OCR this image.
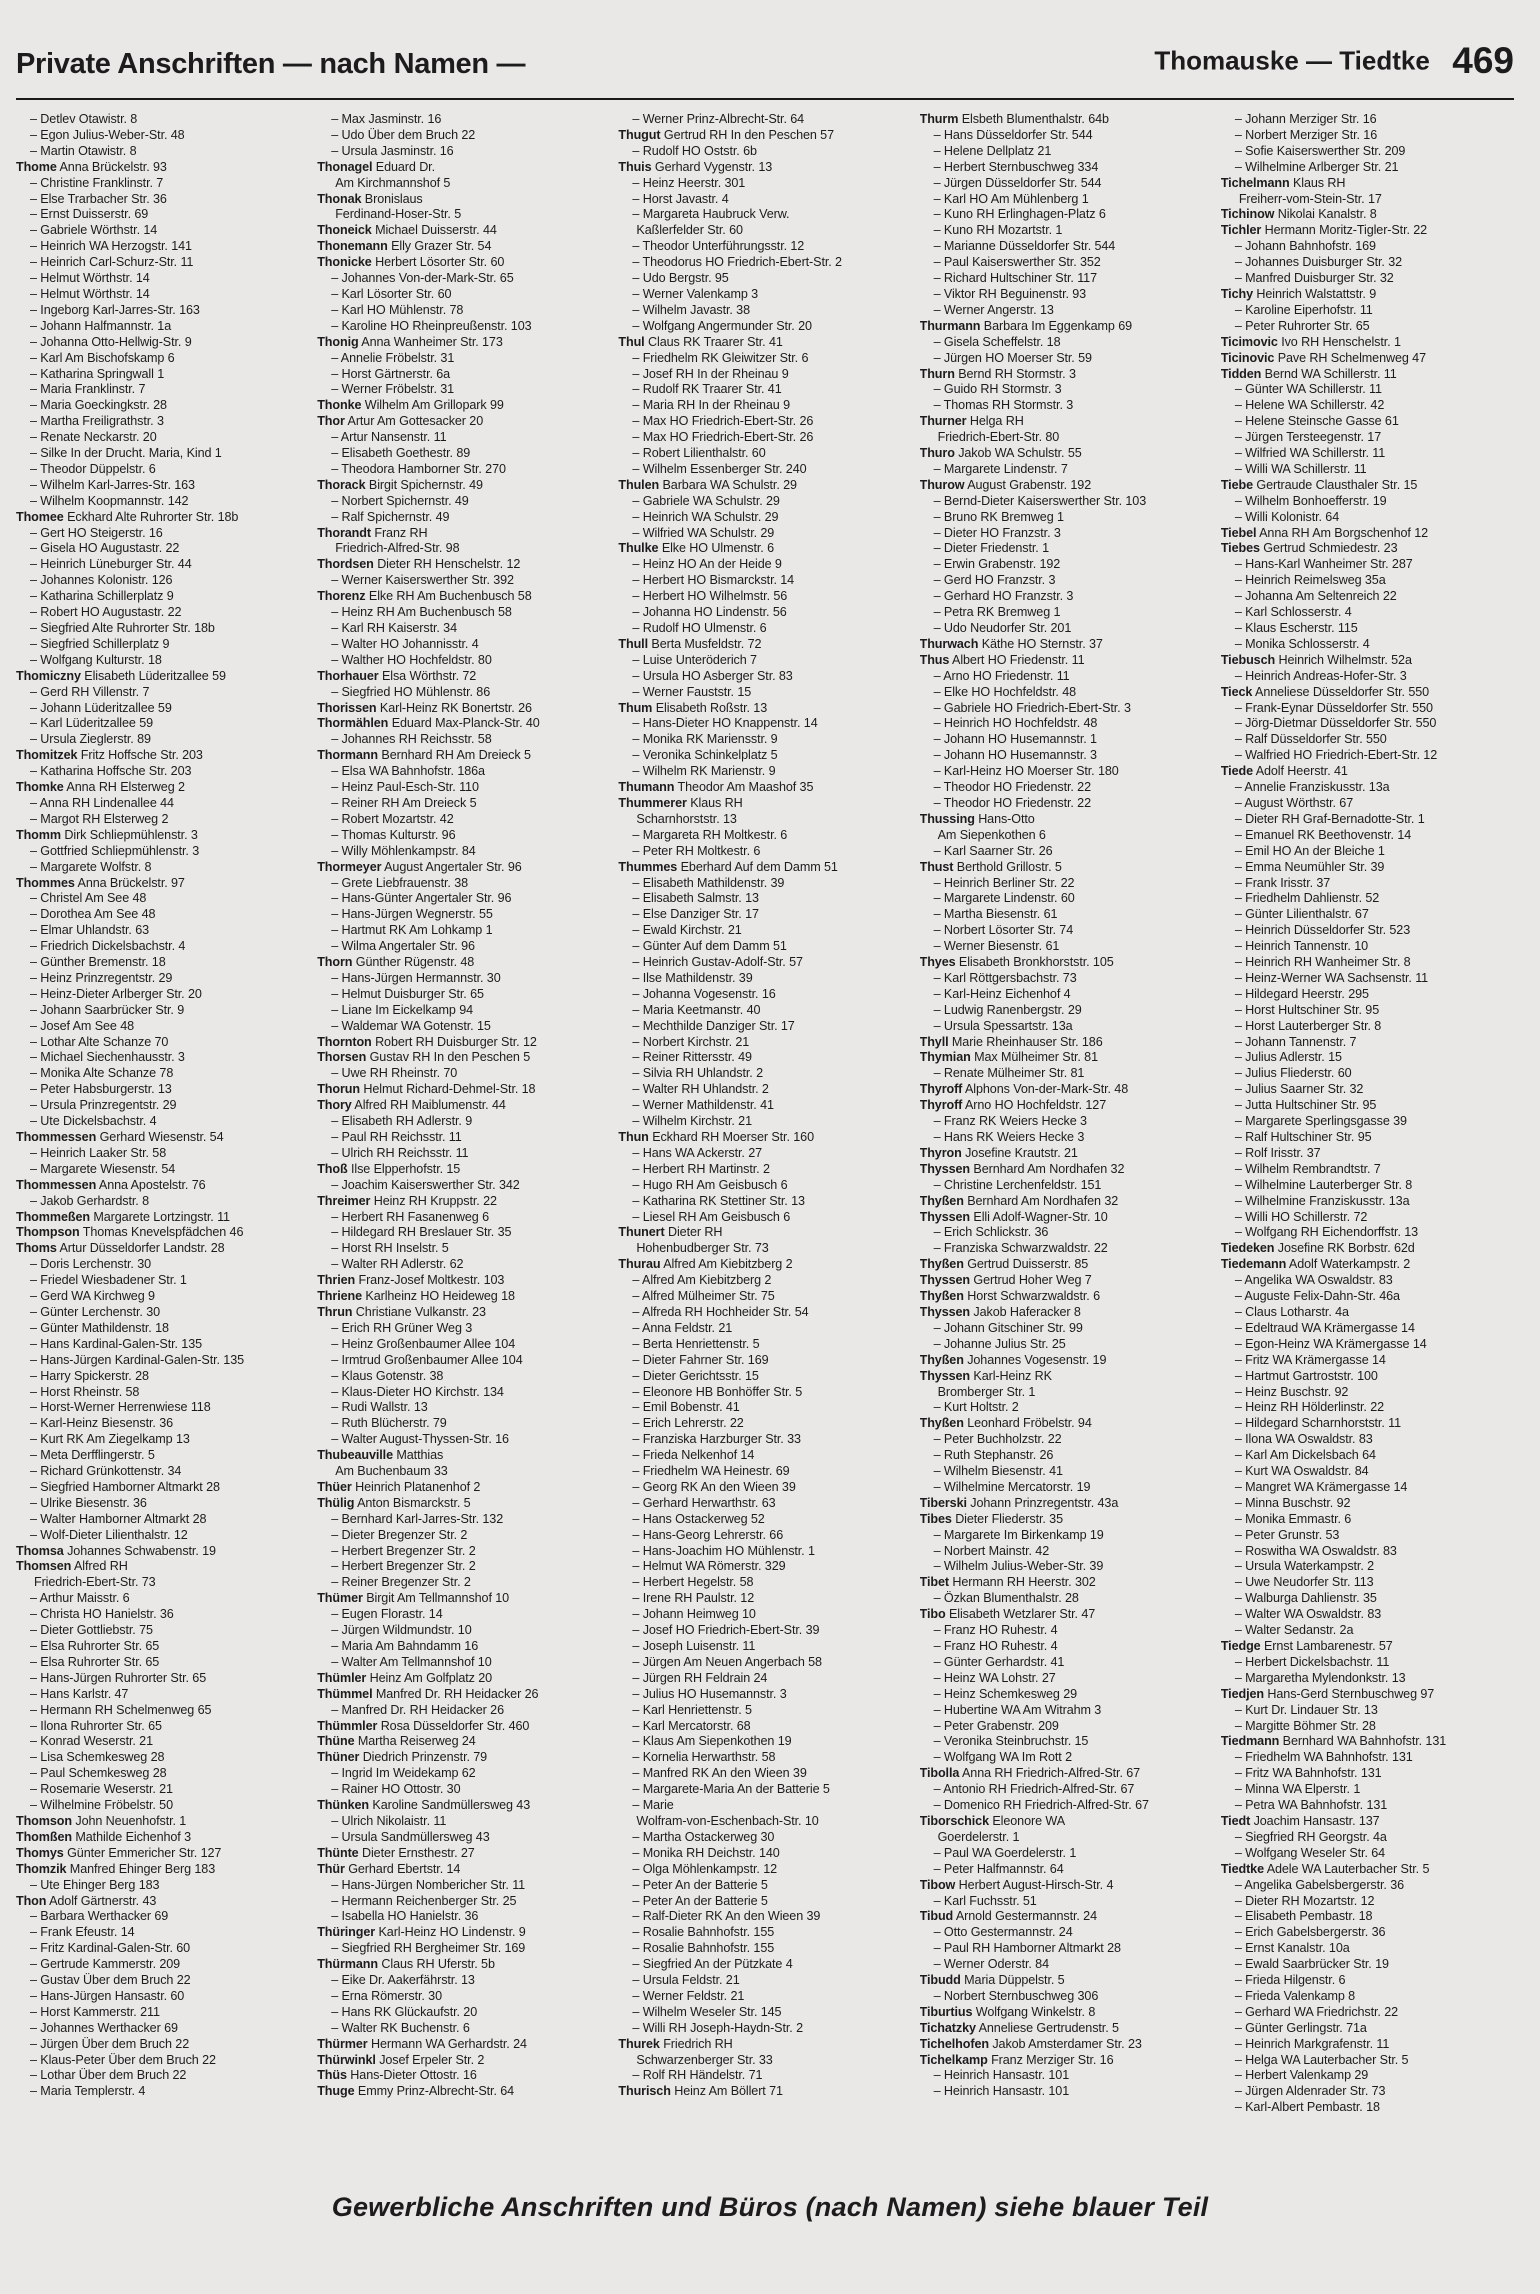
Private Anschriften — nach Namen —	Thomauske — Tiedtke 469
– Detlev Otawistr. 8
– Egon Julius-Weber-Str. 48
– Martin Otawistr. 8
Thome Anna Brückelstr. 93
– Christine Franklinstr. 7
– Else Trarbacher Str. 36
– Ernst Duisserstr. 69
– Gabriele Wörthstr. 14
– Heinrich WA Herzogstr. 141
– Heinrich Carl-Schurz-Str. 11
– Helmut Wörthstr. 14
– Helmut Wörthstr. 14
– Ingeborg Karl-Jarres-Str. 163
– Johann Halfmannstr. 1a
– Johanna Otto-Hellwig-Str. 9
– Karl Am Bischofskamp 6
– Katharina Springwall 1
– Maria Franklinstr. 7
– Maria Goeckingkstr. 28
– Martha Freiligrathstr. 3
– Renate Neckarstr. 20
– Silke In der Drucht. Maria, Kind 1
– Theodor Düppelstr. 6
– Wilhelm Karl-Jarres-Str. 163
– Wilhelm Koopmannstr. 142
Thomee Eckhard Alte Ruhrorter Str. 18b
– Gert HO Steigerstr. 16
– Gisela HO Augustastr. 22
– Heinrich Lüneburger Str. 44
– Johannes Kolonistr. 126
– Katharina Schillerplatz 9
– Robert HO Augustastr. 22
– Siegfried Alte Ruhrorter Str. 18b
– Siegfried Schillerplatz 9
– Wolfgang Kulturstr. 18
Thomiczny Elisabeth Lüderitzallee 59
– Gerd RH Villenstr. 7
– Johann Lüderitzallee 59
– Karl Lüderitzallee 59
– Ursula Zieglerstr. 89
Thomitzek Fritz Hoffsche Str. 203
– Katharina Hoffsche Str. 203
Thomke Anna RH Elsterweg 2
– Anna RH Lindenallee 44
– Margot RH Elsterweg 2
Thomm Dirk Schliepmühlenstr. 3
– Gottfried Schliepmühlenstr. 3
– Margarete Wolfstr. 8
Thommes Anna Brückelstr. 97
– Christel Am See 48
– Dorothea Am See 48
– Elmar Uhlandstr. 63
– Friedrich Dickelsbachstr. 4
– Günther Bremenstr. 18
– Heinz Prinzregentstr. 29
– Heinz-Dieter Arlberger Str. 20
– Johann Saarbrücker Str. 9
– Josef Am See 48
– Lothar Alte Schanze 70
– Michael Siechenhausstr. 3
– Monika Alte Schanze 78
– Peter Habsburgerstr. 13
– Ursula Prinzregentstr. 29
– Ute Dickelsbachstr. 4
Thommessen Gerhard Wiesenstr. 54
– Heinrich Laaker Str. 58
– Margarete Wiesenstr. 54
Thommessen Anna Apostelstr. 76
– Jakob Gerhardstr. 8
Thommeßen Margarete Lortzingstr. 11
Thompson Thomas Knevelspfädchen 46
Thoms Artur Düsseldorfer Landstr. 28
– Doris Lerchenstr. 30
– Friedel Wiesbadener Str. 1
– Gerd WA Kirchweg 9
– Günter Lerchenstr. 30
– Günter Mathildenstr. 18
– Hans Kardinal-Galen-Str. 135
– Hans-Jürgen Kardinal-Galen-Str. 135
– Harry Spickerstr. 28
– Horst Rheinstr. 58
– Horst-Werner Herrenwiese 118
– Karl-Heinz Biesenstr. 36
– Kurt RK Am Ziegelkamp 13
– Meta Derfflingerstr. 5
– Richard Grünkottenstr. 34
– Siegfried Hamborner Altmarkt 28
– Ulrike Biesenstr. 36
– Walter Hamborner Altmarkt 28
– Wolf-Dieter Lilienthalstr. 12
Thomsa Johannes Schwabenstr. 19
Thomsen Alfred RH
Friedrich-Ebert-Str. 73
– Arthur Maisstr. 6
– Christa HO Hanielstr. 36
– Dieter Gottliebstr. 75
– Elsa Ruhrorter Str. 65
– Elsa Ruhrorter Str. 65
– Hans-Jürgen Ruhrorter Str. 65
– Hans Karlstr. 47
– Hermann RH Schelmenweg 65
– Ilona Ruhrorter Str. 65
– Konrad Weserstr. 21
– Lisa Schemkesweg 28
– Paul Schemkesweg 28
– Rosemarie Weserstr. 21
– Wilhelmine Fröbelstr. 50
Thomson John Neuenhofstr. 1
Thomßen Mathilde Eichenhof 3
Thomys Günter Emmericher Str. 127
Thomzik Manfred Ehinger Berg 183
– Ute Ehinger Berg 183
Thon Adolf Gärtnerstr. 43
– Barbara Werthacker 69
– Frank Efeustr. 14
– Fritz Kardinal-Galen-Str. 60
– Gertrude Kammerstr. 209
– Gustav Über dem Bruch 22
– Hans-Jürgen Hansastr. 60
– Horst Kammerstr. 211
– Johannes Werthacker 69
– Jürgen Über dem Bruch 22
– Klaus-Peter Über dem Bruch 22
– Lothar Über dem Bruch 22
– Maria Templerstr. 4
– Max Jasminstr. 16
– Udo Über dem Bruch 22
– Ursula Jasminstr. 16
Thonagel Eduard Dr.
Am Kirchmannshof 5
Thonak Bronislaus
Ferdinand-Hoser-Str. 5
Thoneick Michael Duisserstr. 44
Thonemann Elly Grazer Str. 54
Thonicke Herbert Lösorter Str. 60
– Johannes Von-der-Mark-Str. 65
– Karl Lösorter Str. 60
– Karl HO Mühlenstr. 78
– Karoline HO Rheinpreußenstr. 103
Thonig Anna Wanheimer Str. 173
– Annelie Fröbelstr. 31
– Horst Gärtnerstr. 6a
– Werner Fröbelstr. 31
Thonke Wilhelm Am Grillopark 99
Thor Artur Am Gottesacker 20
– Artur Nansenstr. 11
– Elisabeth Goethestr. 89
– Theodora Hamborner Str. 270
Thorack Birgit Spichernstr. 49
– Norbert Spichernstr. 49
– Ralf Spichernstr. 49
Thorandt Franz RH
Friedrich-Alfred-Str. 98
Thordsen Dieter RH Henschelstr. 12
– Werner Kaiserswerther Str. 392
Thorenz Elke RH Am Buchenbusch 58
– Heinz RH Am Buchenbusch 58
– Karl RH Kaiserstr. 34
– Walter HO Johannisstr. 4
– Walther HO Hochfeldstr. 80
Thorhauer Elsa Wörthstr. 72
– Siegfried HO Mühlenstr. 86
Thorissen Karl-Heinz RK Bonertstr. 26
Thormählen Eduard Max-Planck-Str. 40
– Johannes RH Reichsstr. 58
Thormann Bernhard RH Am Dreieck 5
– Elsa WA Bahnhofstr. 186a
– Heinz Paul-Esch-Str. 110
– Reiner RH Am Dreieck 5
– Robert Mozartstr. 42
– Thomas Kulturstr. 96
– Willy Möhlenkampstr. 84
Thormeyer August Angertaler Str. 96
– Grete Liebfrauenstr. 38
– Hans-Günter Angertaler Str. 96
– Hans-Jürgen Wegnerstr. 55
– Hartmut RK Am Lohkamp 1
– Wilma Angertaler Str. 96
Thorn Günther Rügenstr. 48
– Hans-Jürgen Hermannstr. 30
– Helmut Duisburger Str. 65
– Liane Im Eickelkamp 94
– Waldemar WA Gotenstr. 15
Thornton Robert RH Duisburger Str. 12
Thorsen Gustav RH In den Peschen 5
– Uwe RH Rheinstr. 70
Thorun Helmut Richard-Dehmel-Str. 18
Thory Alfred RH Maiblumenstr. 44
– Elisabeth RH Adlerstr. 9
– Paul RH Reichsstr. 11
– Ulrich RH Reichsstr. 11
Thoß Ilse Elpperhofstr. 15
– Joachim Kaiserswerther Str. 342
Threimer Heinz RH Kruppstr. 22
– Herbert RH Fasanenweg 6
– Hildegard RH Breslauer Str. 35
– Horst RH Inselstr. 5
– Walter RH Adlerstr. 62
Thrien Franz-Josef Moltkestr. 103
Thriene Karlheinz HO Heideweg 18
Thrun Christiane Vulkanstr. 23
– Erich RH Grüner Weg 3
– Heinz Großenbaumer Allee 104
– Irmtrud Großenbaumer Allee 104
– Klaus Gotenstr. 38
– Klaus-Dieter HO Kirchstr. 134
– Rudi Wallstr. 13
– Ruth Blücherstr. 79
– Walter August-Thyssen-Str. 16
Thubeauville Matthias
Am Buchenbaum 33
Thüer Heinrich Platanenhof 2
Thülig Anton Bismarckstr. 5
– Bernhard Karl-Jarres-Str. 132
– Dieter Bregenzer Str. 2
– Herbert Bregenzer Str. 2
– Herbert Bregenzer Str. 2
– Reiner Bregenzer Str. 2
Thümer Birgit Am Tellmannshof 10
– Eugen Florastr. 14
– Jürgen Wildmundstr. 10
– Maria Am Bahndamm 16
– Walter Am Tellmannshof 10
Thümler Heinz Am Golfplatz 20
Thümmel Manfred Dr. RH Heidacker 26
– Manfred Dr. RH Heidacker 26
Thümmler Rosa Düsseldorfer Str. 460
Thüne Martha Reiserweg 24
Thüner Diedrich Prinzenstr. 79
– Ingrid Im Weidekamp 62
– Rainer HO Ottostr. 30
Thünken Karoline Sandmüllersweg 43
– Ulrich Nikolaistr. 11
– Ursula Sandmüllersweg 43
Thünte Dieter Ernsthestr. 27
Thür Gerhard Ebertstr. 14
– Hans-Jürgen Nombericher Str. 11
– Hermann Reichenberger Str. 25
– Isabella HO Hanielstr. 36
Thüringer Karl-Heinz HO Lindenstr. 9
– Siegfried RH Bergheimer Str. 169
Thürmann Claus RH Uferstr. 5b
– Eike Dr. Aakerfährstr. 13
– Erna Römerstr. 30
– Hans RK Glückaufstr. 20
– Walter RK Buchenstr. 6
Thürmer Hermann WA Gerhardstr. 24
Thürwinkl Josef Erpeler Str. 2
Thüs Hans-Dieter Ottostr. 16
Thuge Emmy Prinz-Albrecht-Str. 64
– Werner Prinz-Albrecht-Str. 64
Thugut Gertrud RH In den Peschen 57
– Rudolf HO Oststr. 6b
Thuis Gerhard Vygenstr. 13
– Heinz Heerstr. 301
– Horst Javastr. 4
– Margareta Haubruck Verw.
Kaßlerfelder Str. 60
– Theodor Unterführungsstr. 12
– Theodorus HO Friedrich-Ebert-Str. 2
– Udo Bergstr. 95
– Werner Valenkamp 3
– Wilhelm Javastr. 38
– Wolfgang Angermunder Str. 20
Thul Claus RK Traarer Str. 41
– Friedhelm RK Gleiwitzer Str. 6
– Josef RH In der Rheinau 9
– Rudolf RK Traarer Str. 41
– Maria RH In der Rheinau 9
– Max HO Friedrich-Ebert-Str. 26
– Max HO Friedrich-Ebert-Str. 26
– Robert Lilienthalstr. 60
– Wilhelm Essenberger Str. 240
Thulen Barbara WA Schulstr. 29
– Gabriele WA Schulstr. 29
– Heinrich WA Schulstr. 29
– Wilfried WA Schulstr. 29
Thulke Elke HO Ulmenstr. 6
– Heinz HO An der Heide 9
– Herbert HO Bismarckstr. 14
– Herbert HO Wilhelmstr. 56
– Johanna HO Lindenstr. 56
– Rudolf HO Ulmenstr. 6
Thull Berta Musfeldstr. 72
– Luise Unteröderich 7
– Ursula HO Asberger Str. 83
– Werner Fauststr. 15
Thum Elisabeth Roßstr. 13
– Hans-Dieter HO Knappenstr. 14
– Monika RK Mariensstr. 9
– Veronika Schinkelplatz 5
– Wilhelm RK Marienstr. 9
Thumann Theodor Am Maashof 35
Thummerer Klaus RH
Scharnhorststr. 13
– Margareta RH Moltkestr. 6
– Peter RH Moltkestr. 6
Thummes Eberhard Auf dem Damm 51
– Elisabeth Mathildenstr. 39
– Elisabeth Salmstr. 13
– Else Danziger Str. 17
– Ewald Kirchstr. 21
– Günter Auf dem Damm 51
– Heinrich Gustav-Adolf-Str. 57
– Ilse Mathildenstr. 39
– Johanna Vogesenstr. 16
– Maria Keetmanstr. 40
– Mechthilde Danziger Str. 17
– Norbert Kirchstr. 21
– Reiner Rittersstr. 49
– Silvia RH Uhlandstr. 2
– Walter RH Uhlandstr. 2
– Werner Mathildenstr. 41
– Wilhelm Kirchstr. 21
Thun Eckhard RH Moerser Str. 160
– Hans WA Ackerstr. 27
– Herbert RH Martinstr. 2
– Hugo RH Am Geisbusch 6
– Katharina RK Stettiner Str. 13
– Liesel RH Am Geisbusch 6
Thunert Dieter RH
Hohenbudberger Str. 73
Thurau Alfred Am Kiebitzberg 2
– Alfred Am Kiebitzberg 2
– Alfred Mülheimer Str. 75
– Alfreda RH Hochheider Str. 54
– Anna Feldstr. 21
– Berta Henriettenstr. 5
– Dieter Fahrner Str. 169
– Dieter Gerichtsstr. 15
– Eleonore HB Bonhöffer Str. 5
– Emil Bobenstr. 41
– Erich Lehrerstr. 22
– Franziska Harzburger Str. 33
– Frieda Nelkenhof 14
– Friedhelm WA Heinestr. 69
– Georg RK An den Wieen 39
– Gerhard Herwarthstr. 63
– Hans Ostackerweg 52
– Hans-Georg Lehrerstr. 66
– Hans-Joachim HO Mühlenstr. 1
– Helmut WA Römerstr. 329
– Herbert Hegelstr. 58
– Irene RH Paulstr. 12
– Johann Heimweg 10
– Josef HO Friedrich-Ebert-Str. 39
– Joseph Luisenstr. 11
– Jürgen Am Neuen Angerbach 58
– Jürgen RH Feldrain 24
– Julius HO Husemannstr. 3
– Karl Henriettenstr. 5
– Karl Mercatorstr. 68
– Klaus Am Siepenkothen 19
– Kornelia Herwarthstr. 58
– Manfred RK An den Wieen 39
– Margarete-Maria An der Batterie 5
– Marie
Wolfram-von-Eschenbach-Str. 10
– Martha Ostackerweg 30
– Monika RH Deichstr. 140
– Olga Möhlenkampstr. 12
– Peter An der Batterie 5
– Peter An der Batterie 5
– Ralf-Dieter RK An den Wieen 39
– Rosalie Bahnhofstr. 155
– Rosalie Bahnhofstr. 155
– Siegfried An der Pützkate 4
– Ursula Feldstr. 21
– Werner Feldstr. 21
– Wilhelm Weseler Str. 145
– Willi RH Joseph-Haydn-Str. 2
Thurek Friedrich RH
Schwarzenberger Str. 33
– Rolf RH Händelstr. 71
Thurisch Heinz Am Böllert 71
Thurm Elsbeth Blumenthalstr. 64b
– Hans Düsseldorfer Str. 544
– Helene Dellplatz 21
– Herbert Sternbuschweg 334
– Jürgen Düsseldorfer Str. 544
– Karl HO Am Mühlenberg 1
– Kuno RH Erlinghagen-Platz 6
– Kuno RH Mozartstr. 1
– Marianne Düsseldorfer Str. 544
– Paul Kaiserswerther Str. 352
– Richard Hultschiner Str. 117
– Viktor RH Beguinenstr. 93
– Werner Angerstr. 13
Thurmann Barbara Im Eggenkamp 69
– Gisela Scheffelstr. 18
– Jürgen HO Moerser Str. 59
Thurn Bernd RH Stormstr. 3
– Guido RH Stormstr. 3
– Thomas RH Stormstr. 3
Thurner Helga RH
Friedrich-Ebert-Str. 80
Thuro Jakob WA Schulstr. 55
– Margarete Lindenstr. 7
Thurow August Grabenstr. 192
– Bernd-Dieter Kaiserswerther Str. 103
– Bruno RK Bremweg 1
– Dieter HO Franzstr. 3
– Dieter Friedenstr. 1
– Erwin Grabenstr. 192
– Gerd HO Franzstr. 3
– Gerhard HO Franzstr. 3
– Petra RK Bremweg 1
– Udo Neudorfer Str. 201
Thurwach Käthe HO Sternstr. 37
Thus Albert HO Friedenstr. 11
– Arno HO Friedenstr. 11
– Elke HO Hochfeldstr. 48
– Gabriele HO Friedrich-Ebert-Str. 3
– Heinrich HO Hochfeldstr. 48
– Johann HO Husemannstr. 1
– Johann HO Husemannstr. 3
– Karl-Heinz HO Moerser Str. 180
– Theodor HO Friedenstr. 22
– Theodor HO Friedenstr. 22
Thussing Hans-Otto
Am Siepenkothen 6
– Karl Saarner Str. 26
Thust Berthold Grillostr. 5
– Heinrich Berliner Str. 22
– Margarete Lindenstr. 60
– Martha Biesenstr. 61
– Norbert Lösorter Str. 74
– Werner Biesenstr. 61
Thyes Elisabeth Bronkhorststr. 105
– Karl Röttgersbachstr. 73
– Karl-Heinz Eichenhof 4
– Ludwig Ranenbergstr. 29
– Ursula Spessartstr. 13a
Thyll Marie Rheinhauser Str. 186
Thymian Max Mülheimer Str. 81
– Renate Mülheimer Str. 81
Thyroff Alphons Von-der-Mark-Str. 48
Thyroff Arno HO Hochfeldstr. 127
– Franz RK Weiers Hecke 3
– Hans RK Weiers Hecke 3
Thyron Josefine Krautstr. 21
Thyssen Bernhard Am Nordhafen 32
– Christine Lerchenfeldstr. 151
Thyßen Bernhard Am Nordhafen 32
Thyssen Elli Adolf-Wagner-Str. 10
– Erich Schlickstr. 36
– Franziska Schwarzwaldstr. 22
Thyßen Gertrud Duisserstr. 85
Thyssen Gertrud Hoher Weg 7
Thyßen Horst Schwarzwaldstr. 6
Thyssen Jakob Haferacker 8
– Johann Gitschiner Str. 99
– Johanne Julius Str. 25
Thyßen Johannes Vogesenstr. 19
Thyssen Karl-Heinz RK
Bromberger Str. 1
– Kurt Holtstr. 2
Thyßen Leonhard Fröbelstr. 94
– Peter Buchholzstr. 22
– Ruth Stephanstr. 26
– Wilhelm Biesenstr. 41
– Wilhelmine Mercatorstr. 19
Tiberski Johann Prinzregentstr. 43a
Tibes Dieter Fliederstr. 35
– Margarete Im Birkenkamp 19
– Norbert Mainstr. 42
– Wilhelm Julius-Weber-Str. 39
Tibet Hermann RH Heerstr. 302
– Özkan Blumenthalstr. 28
Tibo Elisabeth Wetzlarer Str. 47
– Franz HO Ruhestr. 4
– Franz HO Ruhestr. 4
– Günter Gerhardstr. 41
– Heinz WA Lohstr. 27
– Heinz Schemkesweg 29
– Hubertine WA Am Witrahm 3
– Peter Grabenstr. 209
– Veronika Steinbruchstr. 15
– Wolfgang WA Im Rott 2
Tibolla Anna RH Friedrich-Alfred-Str. 67
– Antonio RH Friedrich-Alfred-Str. 67
– Domenico RH Friedrich-Alfred-Str. 67
Tiborschick Eleonore WA
Goerdelerstr. 1
– Paul WA Goerdelerstr. 1
– Peter Halfmannstr. 64
Tibow Herbert August-Hirsch-Str. 4
– Karl Fuchsstr. 51
Tibud Arnold Gestermannstr. 24
– Otto Gestermannstr. 24
– Paul RH Hamborner Altmarkt 28
– Werner Oderstr. 84
Tibudd Maria Düppelstr. 5
– Norbert Sternbuschweg 306
Tiburtius Wolfgang Winkelstr. 8
Tichatzky Anneliese Gertrudenstr. 5
Tichelhofen Jakob Amsterdamer Str. 23
Tichelkamp Franz Merziger Str. 16
– Heinrich Hansastr. 101
– Heinrich Hansastr. 101
– Johann Merziger Str. 16
– Norbert Merziger Str. 16
– Sofie Kaiserswerther Str. 209
– Wilhelmine Arlberger Str. 21
Tichelmann Klaus RH
Freiherr-vom-Stein-Str. 17
Tichinow Nikolai Kanalstr. 8
Tichler Hermann Moritz-Tigler-Str. 22
– Johann Bahnhofstr. 169
– Johannes Duisburger Str. 32
– Manfred Duisburger Str. 32
Tichy Heinrich Walstattstr. 9
– Karoline Eiperhofstr. 11
– Peter Ruhrorter Str. 65
Ticimovic Ivo RH Henschelstr. 1
Ticinovic Pave RH Schelmenweg 47
Tidden Bernd WA Schillerstr. 11
– Günter WA Schillerstr. 11
– Helene WA Schillerstr. 42
– Helene Steinsche Gasse 61
– Jürgen Tersteegenstr. 17
– Wilfried WA Schillerstr. 11
– Willi WA Schillerstr. 11
Tiebe Gertraude Clausthaler Str. 15
– Wilhelm Bonhoefferstr. 19
– Willi Kolonistr. 64
Tiebel Anna RH Am Borgschenhof 12
Tiebes Gertrud Schmiedestr. 23
– Hans-Karl Wanheimer Str. 287
– Heinrich Reimelsweg 35a
– Johanna Am Seltenreich 22
– Karl Schlosserstr. 4
– Klaus Escherstr. 115
– Monika Schlosserstr. 4
Tiebusch Heinrich Wilhelmstr. 52a
– Heinrich Andreas-Hofer-Str. 3
Tieck Anneliese Düsseldorfer Str. 550
– Frank-Eynar Düsseldorfer Str. 550
– Jörg-Dietmar Düsseldorfer Str. 550
– Ralf Düsseldorfer Str. 550
– Walfried HO Friedrich-Ebert-Str. 12
Tiede Adolf Heerstr. 41
– Annelie Franziskusstr. 13a
– August Wörthstr. 67
– Dieter RH Graf-Bernadotte-Str. 1
– Emanuel RK Beethovenstr. 14
– Emil HO An der Bleiche 1
– Emma Neumühler Str. 39
– Frank Irisstr. 37
– Friedhelm Dahlienstr. 52
– Günter Lilienthalstr. 67
– Heinrich Düsseldorfer Str. 523
– Heinrich Tannenstr. 10
– Heinrich RH Wanheimer Str. 8
– Heinz-Werner WA Sachsenstr. 11
– Hildegard Heerstr. 295
– Horst Hultschiner Str. 95
– Horst Lauterberger Str. 8
– Johann Tannenstr. 7
– Julius Adlerstr. 15
– Julius Fliederstr. 60
– Julius Saarner Str. 32
– Jutta Hultschiner Str. 95
– Margarete Sperlingsgasse 39
– Ralf Hultschiner Str. 95
– Rolf Irisstr. 37
– Wilhelm Rembrandtstr. 7
– Wilhelmine Lauterberger Str. 8
– Wilhelmine Franziskusstr. 13a
– Willi HO Schillerstr. 72
– Wolfgang RH Eichendorffstr. 13
Tiedeken Josefine RK Borbstr. 62d
Tiedemann Adolf Waterkampstr. 2
– Angelika WA Oswaldstr. 83
– Auguste Felix-Dahn-Str. 46a
– Claus Lotharstr. 4a
– Edeltraud WA Krämergasse 14
– Egon-Heinz WA Krämergasse 14
– Fritz WA Krämergasse 14
– Hartmut Gartroststr. 100
– Heinz Buschstr. 92
– Heinz RH Hölderlinstr. 22
– Hildegard Scharnhorststr. 11
– Ilona WA Oswaldstr. 83
– Karl Am Dickelsbach 64
– Kurt WA Oswaldstr. 84
– Mangret WA Krämergasse 14
– Minna Buschstr. 92
– Monika Emmastr. 6
– Peter Grunstr. 53
– Roswitha WA Oswaldstr. 83
– Ursula Waterkampstr. 2
– Uwe Neudorfer Str. 113
– Walburga Dahlienstr. 35
– Walter WA Oswaldstr. 83
– Walter Sedanstr. 2a
Tiedge Ernst Lambarenestr. 57
– Herbert Dickelsbachstr. 11
– Margaretha Mylendonkstr. 13
Tiedjen Hans-Gerd Sternbuschweg 97
– Kurt Dr. Lindauer Str. 13
– Margitte Böhmer Str. 28
Tiedmann Bernhard WA Bahnhofstr. 131
– Friedhelm WA Bahnhofstr. 131
– Fritz WA Bahnhofstr. 131
– Minna WA Elperstr. 1
– Petra WA Bahnhofstr. 131
Tiedt Joachim Hansastr. 137
– Siegfried RH Georgstr. 4a
– Wolfgang Weseler Str. 64
Tiedtke Adele WA Lauterbacher Str. 5
– Angelika Gabelsbergerstr. 36
– Dieter RH Mozartstr. 12
– Elisabeth Pembastr. 18
– Erich Gabelsbergerstr. 36
– Ernst Kanalstr. 10a
– Ewald Saarbrücker Str. 19
– Frieda Hilgenstr. 6
– Frieda Valenkamp 8
– Gerhard WA Friedrichstr. 22
– Günter Gerlingstr. 71a
– Heinrich Markgrafenstr. 11
– Helga WA Lauterbacher Str. 5
– Herbert Valenkamp 29
– Jürgen Aldenrader Str. 73
– Karl-Albert Pembastr. 18
Gewerbliche Anschriften und Büros (nach Namen) siehe blauer Teil
